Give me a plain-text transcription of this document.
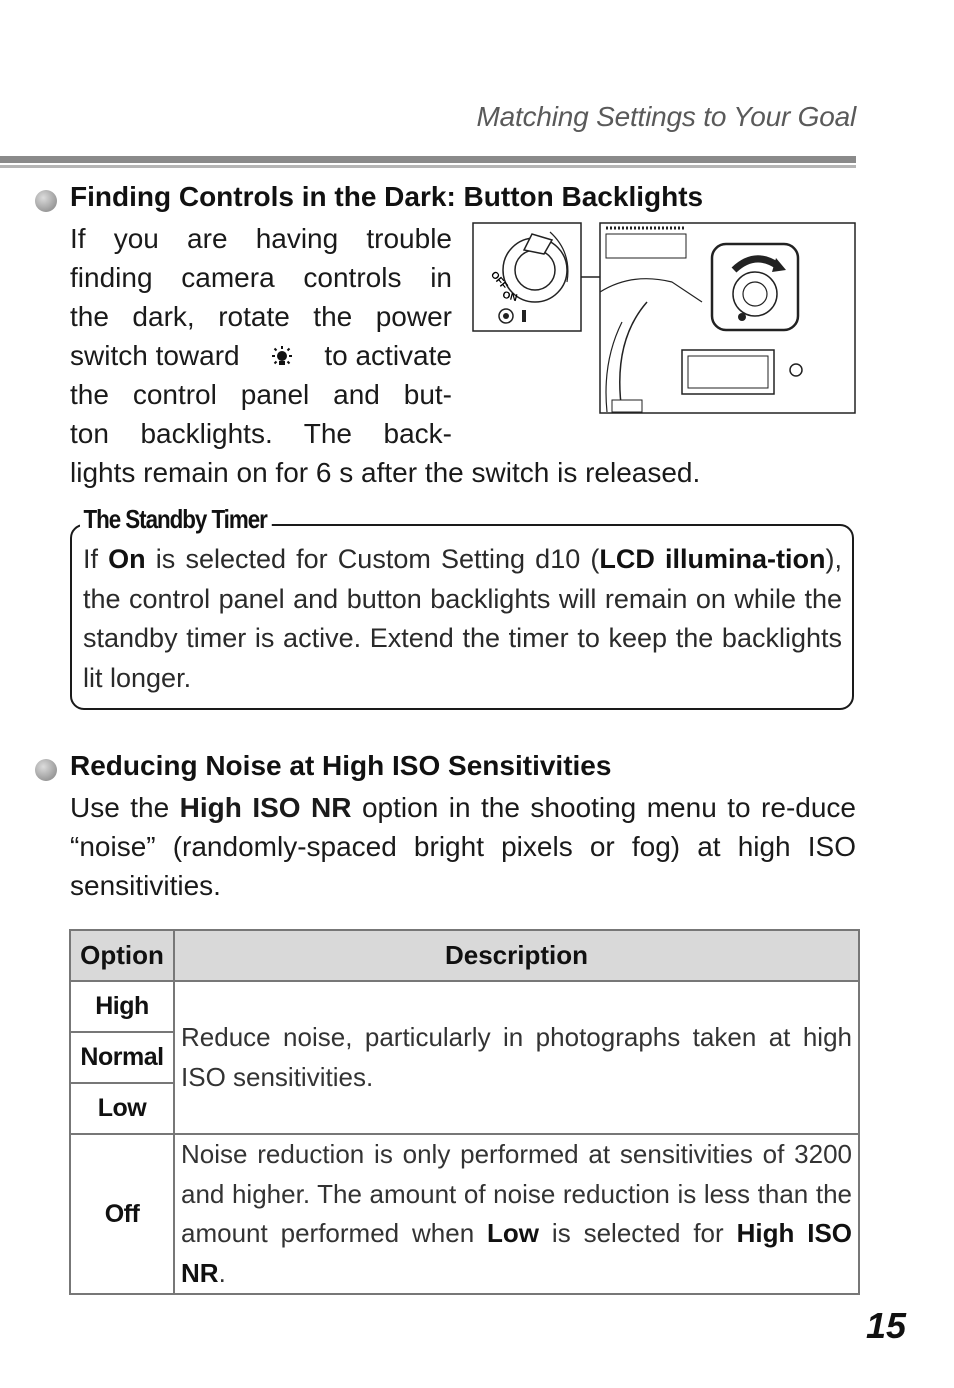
Matching Settings to Your Goal
Finding Controls in the Dark: Button Backlights
If you are having trouble
finding camera controls in
the dark, rotate the power
switch toward	to activate
the control panel and but-
ton backlights. The back-
lights remain on for 6 s after the switch is released.
OFF
ON
The Standby Timer
If On is selected for Custom Setting d10 (LCD illumina-tion), the control panel and button backlights will remain on while the standby timer is active. Extend the timer to keep the backlights lit longer.
Reducing Noise at High ISO Sensitivities
Use the High ISO NR option in the shooting menu to re-duce “noise” (randomly-spaced bright pixels or fog) at high ISO sensitivities.
Option	Description
High	Reduce noise, particularly in photographs taken at high ISO sensitivities.
Normal	
Low	
Off	Noise reduction is only performed at sensitivities of 3200 and higher. The amount of noise reduction is less than the amount performed when Low is selected for High ISO NR.
15
